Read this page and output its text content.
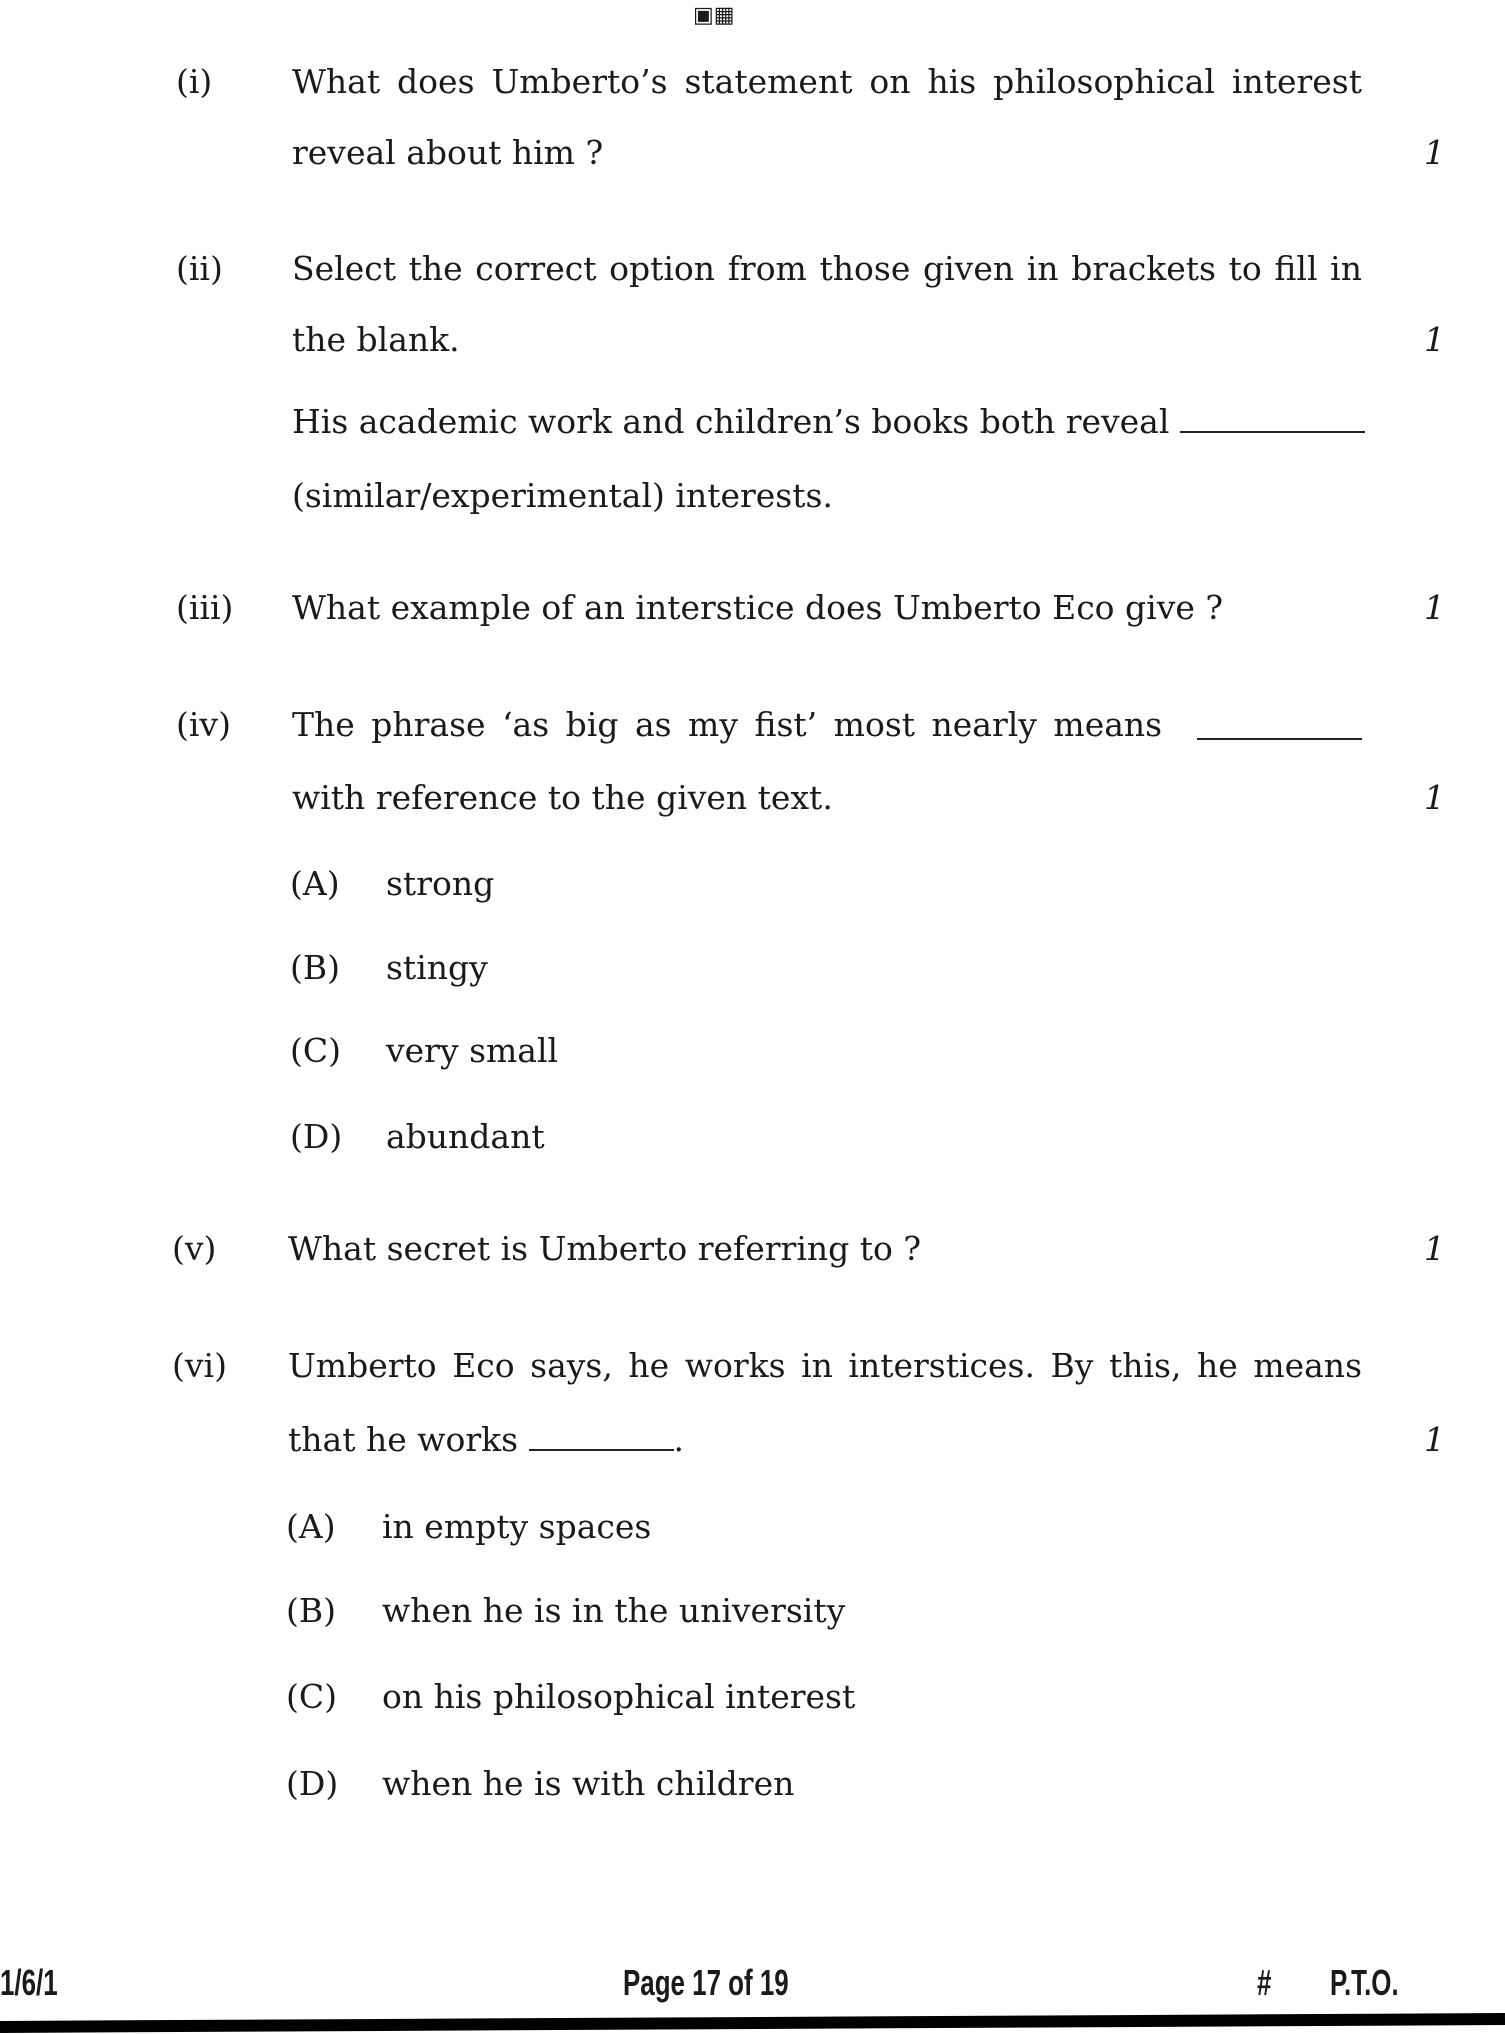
▣▦
(i) What does Umberto’s statement on his philosophical interest
reveal about him ?	1
(ii) Select the correct option from those given in brackets to fill in
the blank.	1
His academic work and children’s books both reveal
(similar/experimental) interests.
(iii) What example of an interstice does Umberto Eco give ?	1
(iv) The phrase ‘as big as my fist’ most nearly means
with reference to the given text.	1
(A) strong
(B) stingy
(C) very small
(D) abundant
(v) What secret is Umberto referring to ?	1
(vi) Umberto Eco says, he works in interstices. By this, he means
that he works	.	1
(A) in empty spaces
(B) when he is in the university
(C) on his philosophical interest
(D) when he is with children
1/6/1	Page 17 of 19	# P.T.O.
